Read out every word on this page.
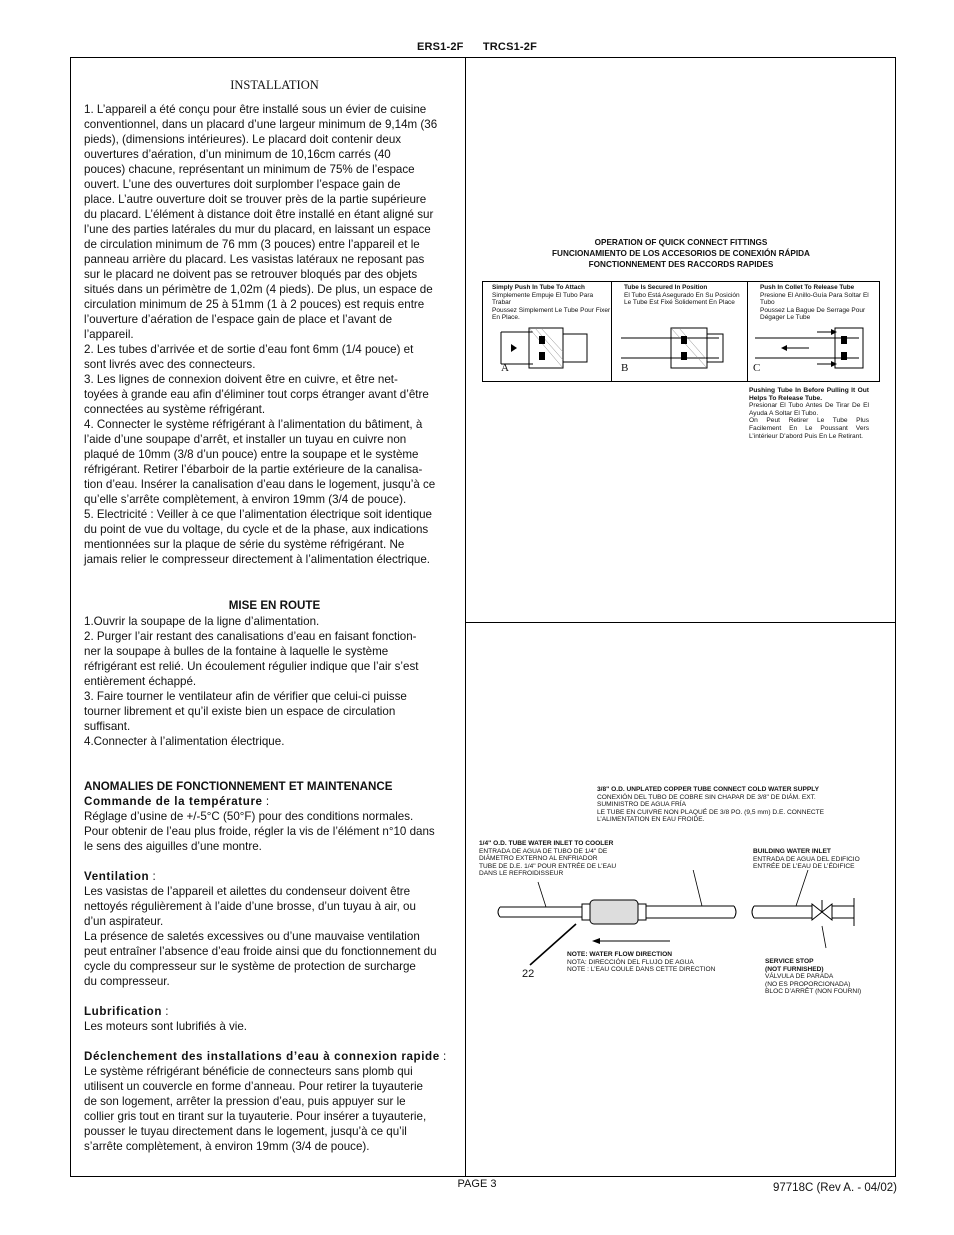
ERS1-2F TRCS1-2F

INSTALLATION

1. L’appareil a été conçu pour être installé sous un évier de cuisine

conventionnel, dans un placard d’une largeur minimum de 9,14m (36

pieds), (dimensions intérieures). Le placard doit contenir deux

ouvertures d’aération, d’un minimum de 10,16cm carrés (40

pouces) chacune, représentant un minimum de 75% de l’espace

ouvert. L’une des ouvertures doit surplomber l’espace gain de

place. L’autre ouverture doit se trouver près de la partie supérieure

du placard. L’élément à distance doit être installé en étant aligné sur

l’une des parties latérales du mur du placard, en laissant un espace

de circulation minimum de 76 mm (3 pouces) entre l’appareil et le

panneau arrière du placard. Les vasistas latéraux ne reposant pas

sur le placard ne doivent pas se retrouver bloqués par des objets

situés dans un périmètre de 1,02m (4 pieds). De plus, un espace de

circulation minimum de 25 à 51mm (1 à 2 pouces) est requis entre

l’ouverture d’aération de l’espace gain de place et l’avant de

l’appareil.

2. Les tubes d’arrivée et de sortie d’eau font 6mm (1/4 pouce) et

sont livrés avec des connecteurs.

3. Les lignes de connexion doivent être en cuivre, et être net-

toyées à grande eau afin d’éliminer tout corps étranger avant d’être

connectées au système réfrigérant.

4. Connecter le système réfrigérant à l’alimentation du bâtiment, à

l’aide d’une soupape d’arrêt, et installer un tuyau en cuivre non

plaqué de 10mm (3/8 d’un pouce) entre la soupape et le système

réfrigérant. Retirer l’ébarboir de la partie extérieure de la canalisa-

tion d’eau. Insérer la canalisation d’eau dans le logement, jusqu’à ce

qu’elle s’arrête complètement, à environ 19mm (3/4 de pouce).

5. Electricité : Veiller à ce que l’alimentation électrique soit identique

du point de vue du voltage, du cycle et de la phase, aux indications

mentionnées sur la plaque de série du système réfrigérant. Ne

jamais relier le compresseur directement à l’alimentation électrique.

MISE EN ROUTE

1.Ouvrir la soupape de la ligne d’alimentation.

2. Purger l’air restant des canalisations d’eau en faisant fonction-

ner la soupape à bulles de la fontaine à laquelle le système

réfrigérant est relié. Un écoulement régulier indique que l’air s’est

entièrement échappé.

3. Faire tourner le ventilateur afin de vérifier que celui-ci puisse

tourner librement et qu’il existe bien un espace de circulation

suffisant.

4.Connecter à l’alimentation électrique.

ANOMALIES DE FONCTIONNEMENT ET MAINTENANCE

Commande de la température :

Réglage d’usine de +/-5°C (50°F) pour des conditions normales.

Pour obtenir de l’eau plus froide, régler la vis de l’élément n°10 dans

le sens des aiguilles d’une montre.

Ventilation :

Les vasistas de l’appareil et ailettes du condenseur doivent être

nettoyés régulièrement à l’aide d’une brosse, d’un tuyau à air, ou

d’un aspirateur.

La présence de saletés excessives ou d’une mauvaise ventilation

peut entraîner l’absence d’eau froide ainsi que du fonctionnement du

cycle du compresseur sur le système de protection de surcharge

du compresseur.

Lubrification :

Les moteurs sont lubrifiés à vie.

Déclenchement des installations d’eau à connexion rapide :

Le système réfrigérant bénéficie de connecteurs sans plomb qui

utilisent un couvercle en forme d’anneau. Pour retirer la tuyauterie

de son logement, arrêter la pression d’eau, puis appuyer sur le

collier gris tout en tirant sur la tuyauterie. Pour insérer a tuyauterie,

pousser le tuyau directement dans le logement, jusqu’à ce qu’il

s’arrête complètement, à environ 19mm (3/4 de pouce).

OPERATION OF QUICK CONNECT FITTINGS
FUNCIONAMIENTO DE LOS ACCESORIOS DE CONEXIÓN RÁPIDA
FONCTIONNEMENT DES RACCORDS RAPIDES
Simply Push In Tube To Attach
Simplemente Empuje El Tubo Para Trabar
Poussez Simplement Le Tube Pour Fixer En Place.
A
Tube Is Secured In Position
El Tubo Está Asegurado En Su Posición
Le Tube Est Fixé Solidement En Place
B
Push In Collet To Release Tube
Presione El Anillo-Guía Para Soltar El Tubo
Poussez La Bague De Serrage Pour Dégager Le Tube
C
Pushing Tube In Before Pulling It Out Helps To Release Tube.
Presionar El Tubo Antes De Tirar De El Ayuda A Soltar El Tubo.
On Peut Retirer Le Tube Plus Facilement En Le Poussant Vers L’intérieur D’abord Puis En Le Retirant.
3/8" O.D. UNPLATED COPPER TUBE CONNECT COLD WATER SUPPLY
CONEXIÓN DEL TUBO DE COBRE SIN CHAPAR DE 3/8" DE DIÁM. EXT.
SUMINISTRO DE AGUA FRÍA
LE TUBE EN CUIVRE NON PLAQUÉ DE 3/8 PO. (9,5 mm) D.E. CONNECTE
L’ALIMENTATION EN EAU FROIDE.
1/4" O.D. TUBE WATER INLET TO COOLER
ENTRADA DE AGUA DE TUBO DE 1/4" DE
DIÁMETRO EXTERNO AL ENFRIADOR
TUBE DE D.E. 1/4" POUR ENTRÉE DE L’EAU
DANS LE REFROIDISSEUR
BUILDING WATER INLET
ENTRADA DE AGUA DEL EDIFICIO
ENTRÉE DE L’EAU DE L’ÉDIFICE
NOTE: WATER FLOW DIRECTION
NOTA: DIRECCIÓN DEL FLUJO DE AGUA
NOTE : L’EAU COULE DANS CETTE DIRECTION
SERVICE STOP
(NOT FURNISHED)
VÁLVULA DE PARADA
(NO ES PROPORCIONADA)
BLOC D’ARRÊT (NON FOURNI)
22
PAGE 3	97718C (Rev A. - 04/02)
